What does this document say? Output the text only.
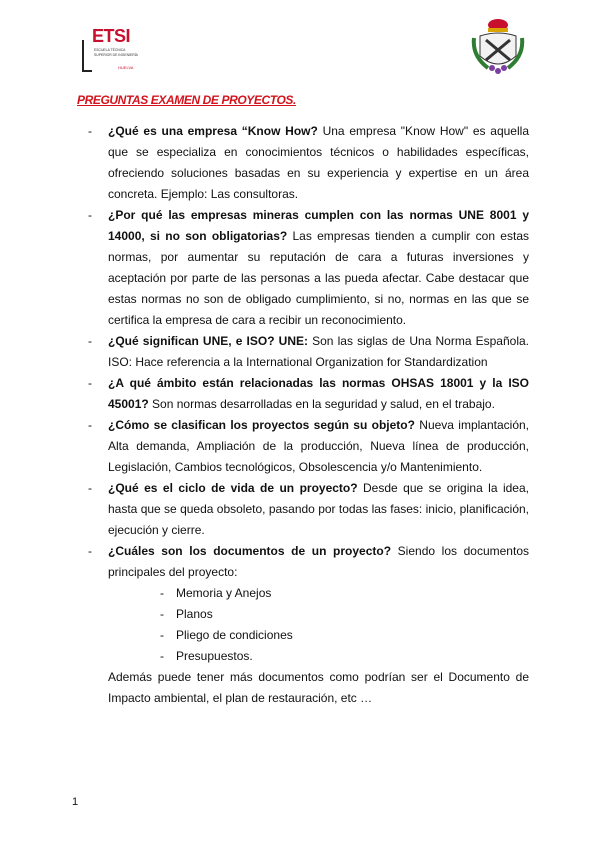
ETSI
ESCUELA TÉCNICA SUPERIOR DE INGENIERÍA
HUELVA
PREGUNTAS EXAMEN DE PROYECTOS.

- ¿Qué es una empresa “Know How? Una empresa "Know How" es aquella que se especializa en conocimientos técnicos o habilidades específicas, ofreciendo soluciones basadas en su experiencia y expertise en un área concreta. Ejemplo: Las consultoras.

- ¿Por qué las empresas mineras cumplen con las normas UNE 8001 y 14000, si no son obligatorias? Las empresas tienden a cumplir con estas normas, por aumentar su reputación de cara a futuras inversiones y aceptación por parte de las personas a las pueda afectar. Cabe destacar que estas normas no son de obligado cumplimiento, si no, normas en las que se certifica la empresa de cara a recibir un reconocimiento.

- ¿Qué significan UNE, e ISO? UNE: Son las siglas de Una Norma Española. ISO: Hace referencia a la International Organization for Standardization

- ¿A qué ámbito están relacionadas las normas OHSAS 18001 y la ISO 45001? Son normas desarrolladas en la seguridad y salud, en el trabajo.

- ¿Cómo se clasifican los proyectos según su objeto? Nueva implantación, Alta demanda, Ampliación de la producción, Nueva línea de producción, Legislación, Cambios tecnológicos, Obsolescencia y/o Mantenimiento.

- ¿Qué es el ciclo de vida de un proyecto? Desde que se origina la idea, hasta que se queda obsoleto, pasando por todas las fases: inicio, planificación, ejecución y cierre.

- ¿Cuáles son los documentos de un proyecto? Siendo los documentos principales del proyecto:

- Memoria y Anejos
- Planos
- Pliego de condiciones
- Presupuestos.
Además puede tener más documentos como podrían ser el Documento de Impacto ambiental, el plan de restauración, etc …
1
